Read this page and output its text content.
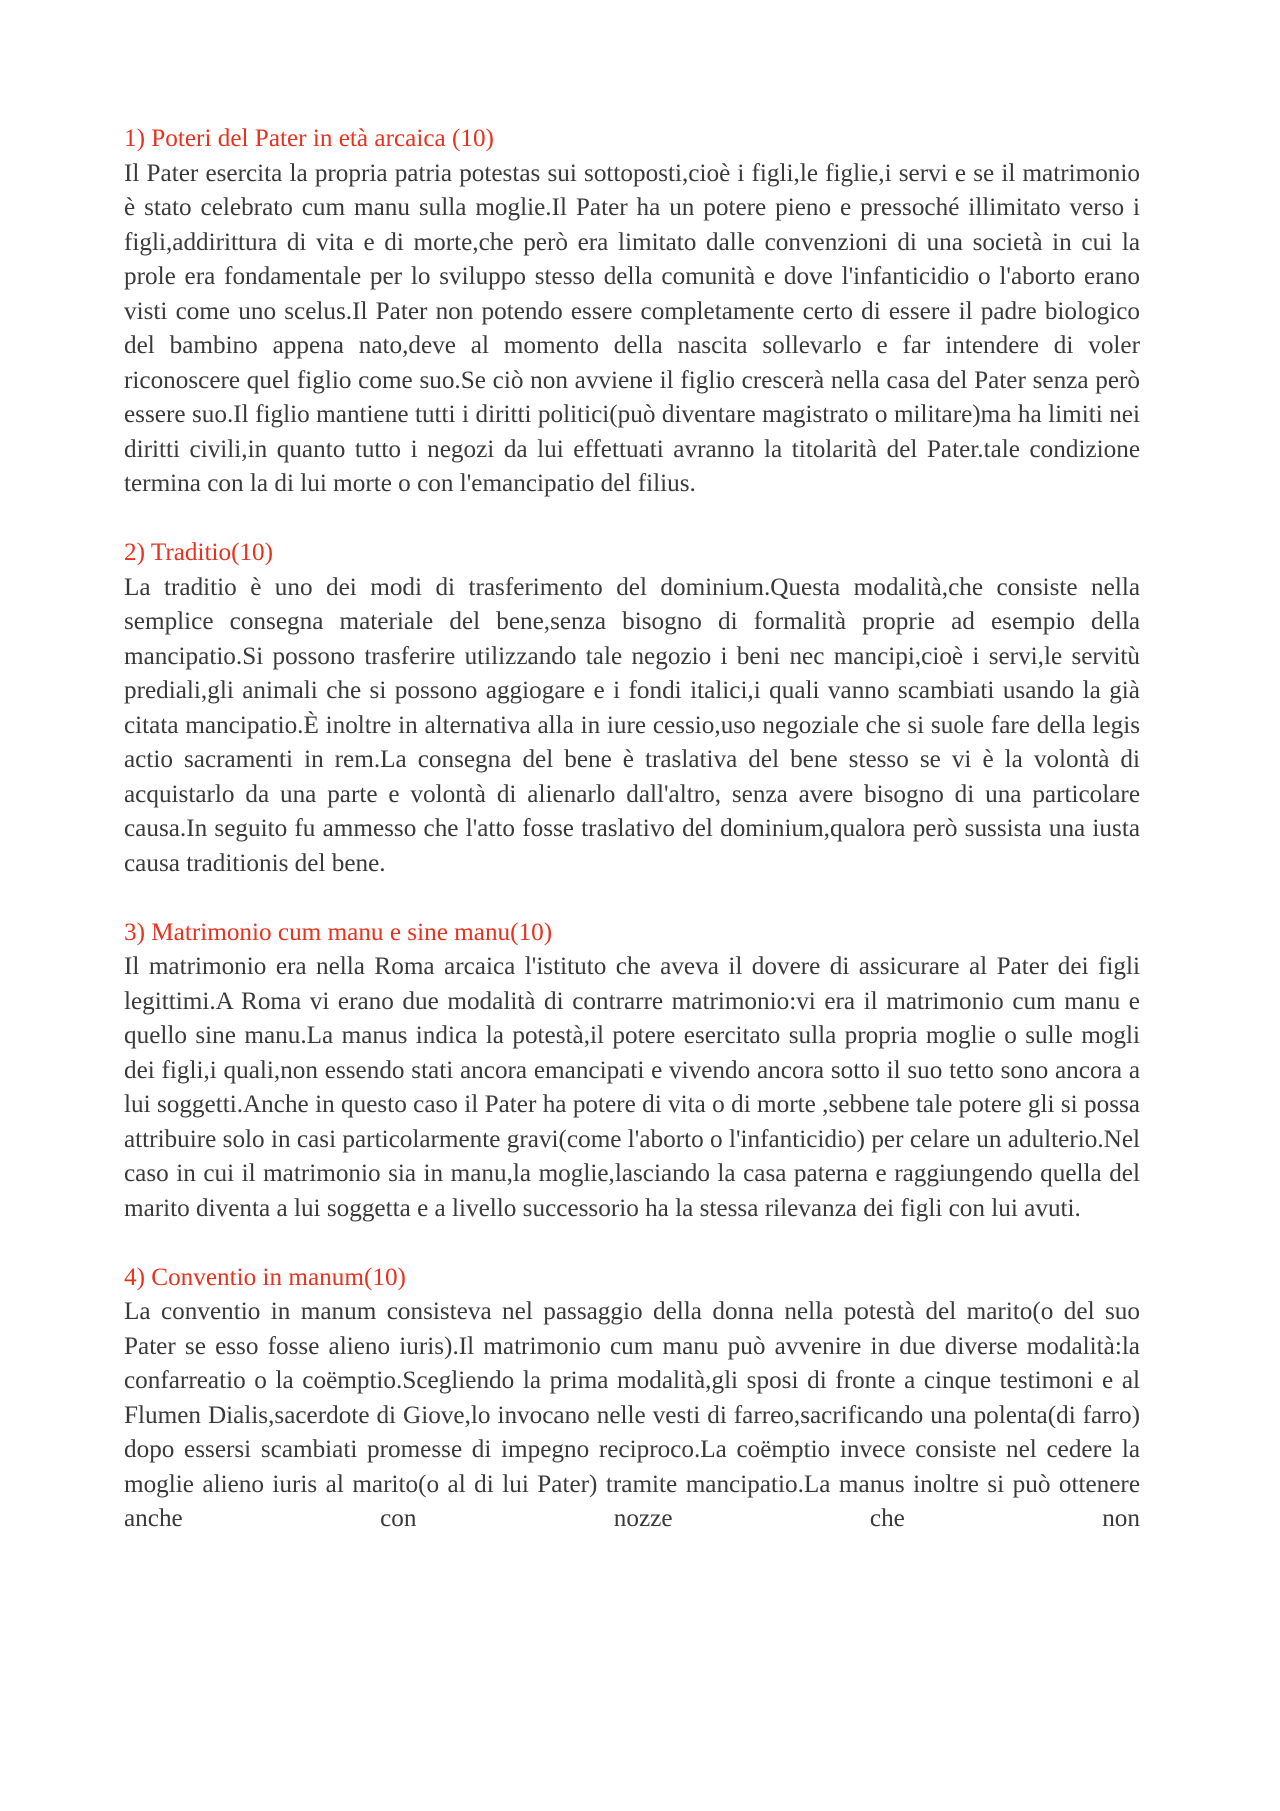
1) Poteri del Pater in età arcaica (10)

Il Pater esercita la propria patria potestas sui sottoposti,cioè i figli,le figlie,i servi e se il matrimonio è stato celebrato cum manu sulla moglie.Il Pater ha un potere pieno e pressoché illimitato verso i figli,addirittura di vita e di morte,che però era limitato dalle convenzioni di una società in cui la prole era fondamentale per lo sviluppo stesso della comunità e dove l'infanticidio o l'aborto erano visti come uno scelus.Il Pater non potendo essere completamente certo di essere il padre biologico del bambino appena nato,deve al momento della nascita sollevarlo e far intendere di voler riconoscere quel figlio come suo.Se ciò non avviene il figlio crescerà nella casa del Pater senza però essere suo.Il figlio mantiene tutti i diritti politici(può diventare magistrato o militare)ma ha limiti nei diritti civili,in quanto tutto i negozi da lui effettuati avranno la titolarità del Pater.tale condizione termina con la di lui morte o con l'emancipatio del filius.

2) Traditio(10)

La traditio è uno dei modi di trasferimento del dominium.Questa modalità,che consiste nella semplice consegna materiale del bene,senza bisogno di formalità proprie ad esempio della mancipatio.Si possono trasferire utilizzando tale negozio i beni nec mancipi,cioè i servi,le servitù prediali,gli animali che si possono aggiogare e i fondi italici,i quali vanno scambiati usando la già citata mancipatio.È inoltre in alternativa alla in iure cessio,uso negoziale che si suole fare della legis actio sacramenti in rem.La consegna del bene è traslativa del bene stesso se vi è la volontà di acquistarlo da una parte e volontà di alienarlo dall'altro, senza avere bisogno di una particolare causa.In seguito fu ammesso che l'atto fosse traslativo del dominium,qualora però sussista una iusta causa traditionis del bene.

3) Matrimonio cum manu e sine manu(10)

Il matrimonio era nella Roma arcaica l'istituto che aveva il dovere di assicurare al Pater dei figli legittimi.A Roma vi erano due modalità di contrarre matrimonio:vi era il matrimonio cum manu e quello sine manu.La manus indica la potestà,il potere esercitato sulla propria moglie o sulle mogli dei figli,i quali,non essendo stati ancora emancipati e vivendo ancora sotto il suo tetto sono ancora a lui soggetti.Anche in questo caso il Pater ha potere di vita o di morte ,sebbene tale potere gli si possa attribuire solo in casi particolarmente gravi(come l'aborto o l'infanticidio) per celare un adulterio.Nel caso in cui il matrimonio sia in manu,la moglie,lasciando la casa paterna e raggiungendo quella del marito diventa a lui soggetta e a livello successorio ha la stessa rilevanza dei figli con lui avuti.

4) Conventio in manum(10)

La conventio in manum consisteva nel passaggio della donna nella potestà del marito(o del suo Pater se esso fosse alieno iuris).Il matrimonio cum manu può avvenire in due diverse modalità:la confarreatio o la coëmptio.Scegliendo la prima modalità,gli sposi di fronte a cinque testimoni e al Flumen Dialis,sacerdote di Giove,lo invocano nelle vesti di farreo,sacrificando una polenta(di farro) dopo essersi scambiati promesse di impegno reciproco.La coëmptio invece consiste nel cedere la moglie alieno iuris al marito(o al di lui Pater) tramite mancipatio.La manus inoltre si può ottenere anche con nozze che non
